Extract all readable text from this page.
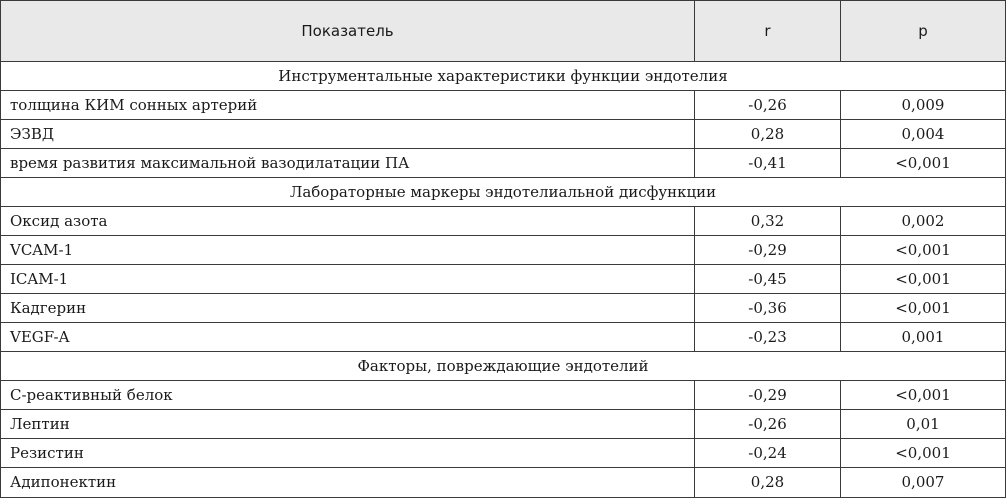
Показатель	r	p
Инструментальные характеристики функции эндотелия		
толщина КИМ сонных артерий	-0,26	0,009
ЭЗВД	0,28	0,004
время развития максимальной вазодилатации ПА	-0,41	<0,001
Лабораторные маркеры эндотелиальной дисфункции		
Оксид азота	0,32	0,002
VCAM-1	-0,29	<0,001
ICAM-1	-0,45	<0,001
Кадгерин	-0,36	<0,001
VEGF-A	-0,23	0,001
Факторы, повреждающие эндотелий		
С-реактивный белок	-0,29	<0,001
Лептин	-0,26	0,01
Резистин	-0,24	<0,001
Адипонектин	0,28	0,007
